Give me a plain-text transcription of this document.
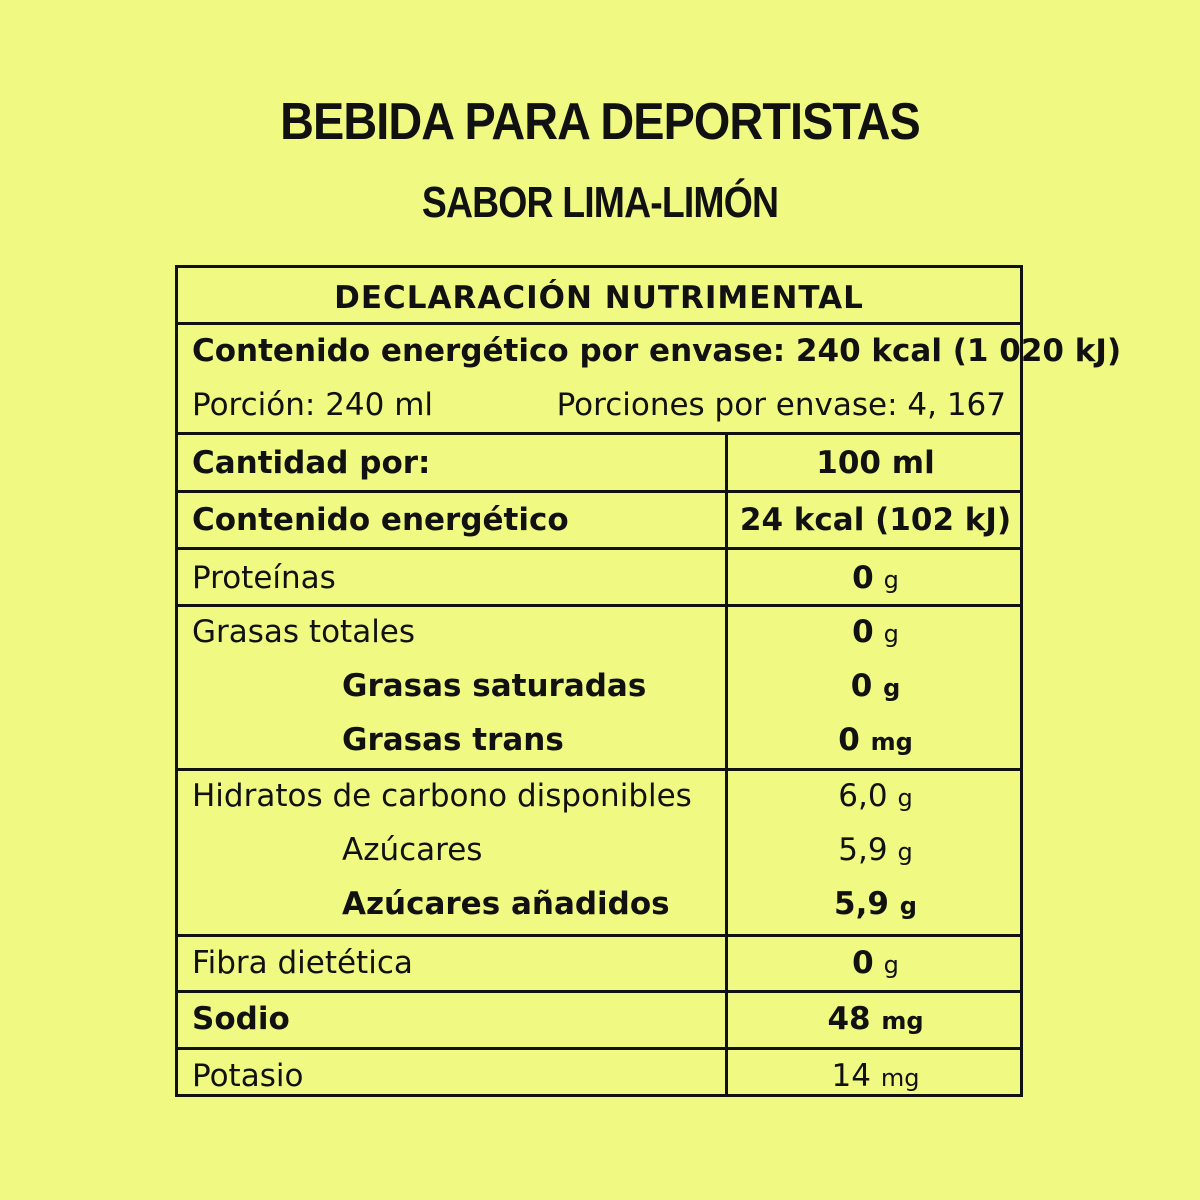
BEBIDA PARA DEPORTISTAS
SABOR LIMA-LIMÓN
DECLARACIÓN NUTRIMENTAL
Contenido energético por envase: 240 kcal (1 020 kJ)
Porción: 240 ml	Porciones por envase: 4, 167
Cantidad por:	100 ml
Contenido energético	24 kcal (102 kJ)
Proteínas	0 g
Grasas totales	0 g
Grasas saturadas	0 g
Grasas trans	0 mg
Hidratos de carbono disponibles	6,0 g
Azúcares	5,9 g
Azúcares añadidos	5,9 g
Fibra dietética	0 g
Sodio	48 mg
Potasio	14 mg
